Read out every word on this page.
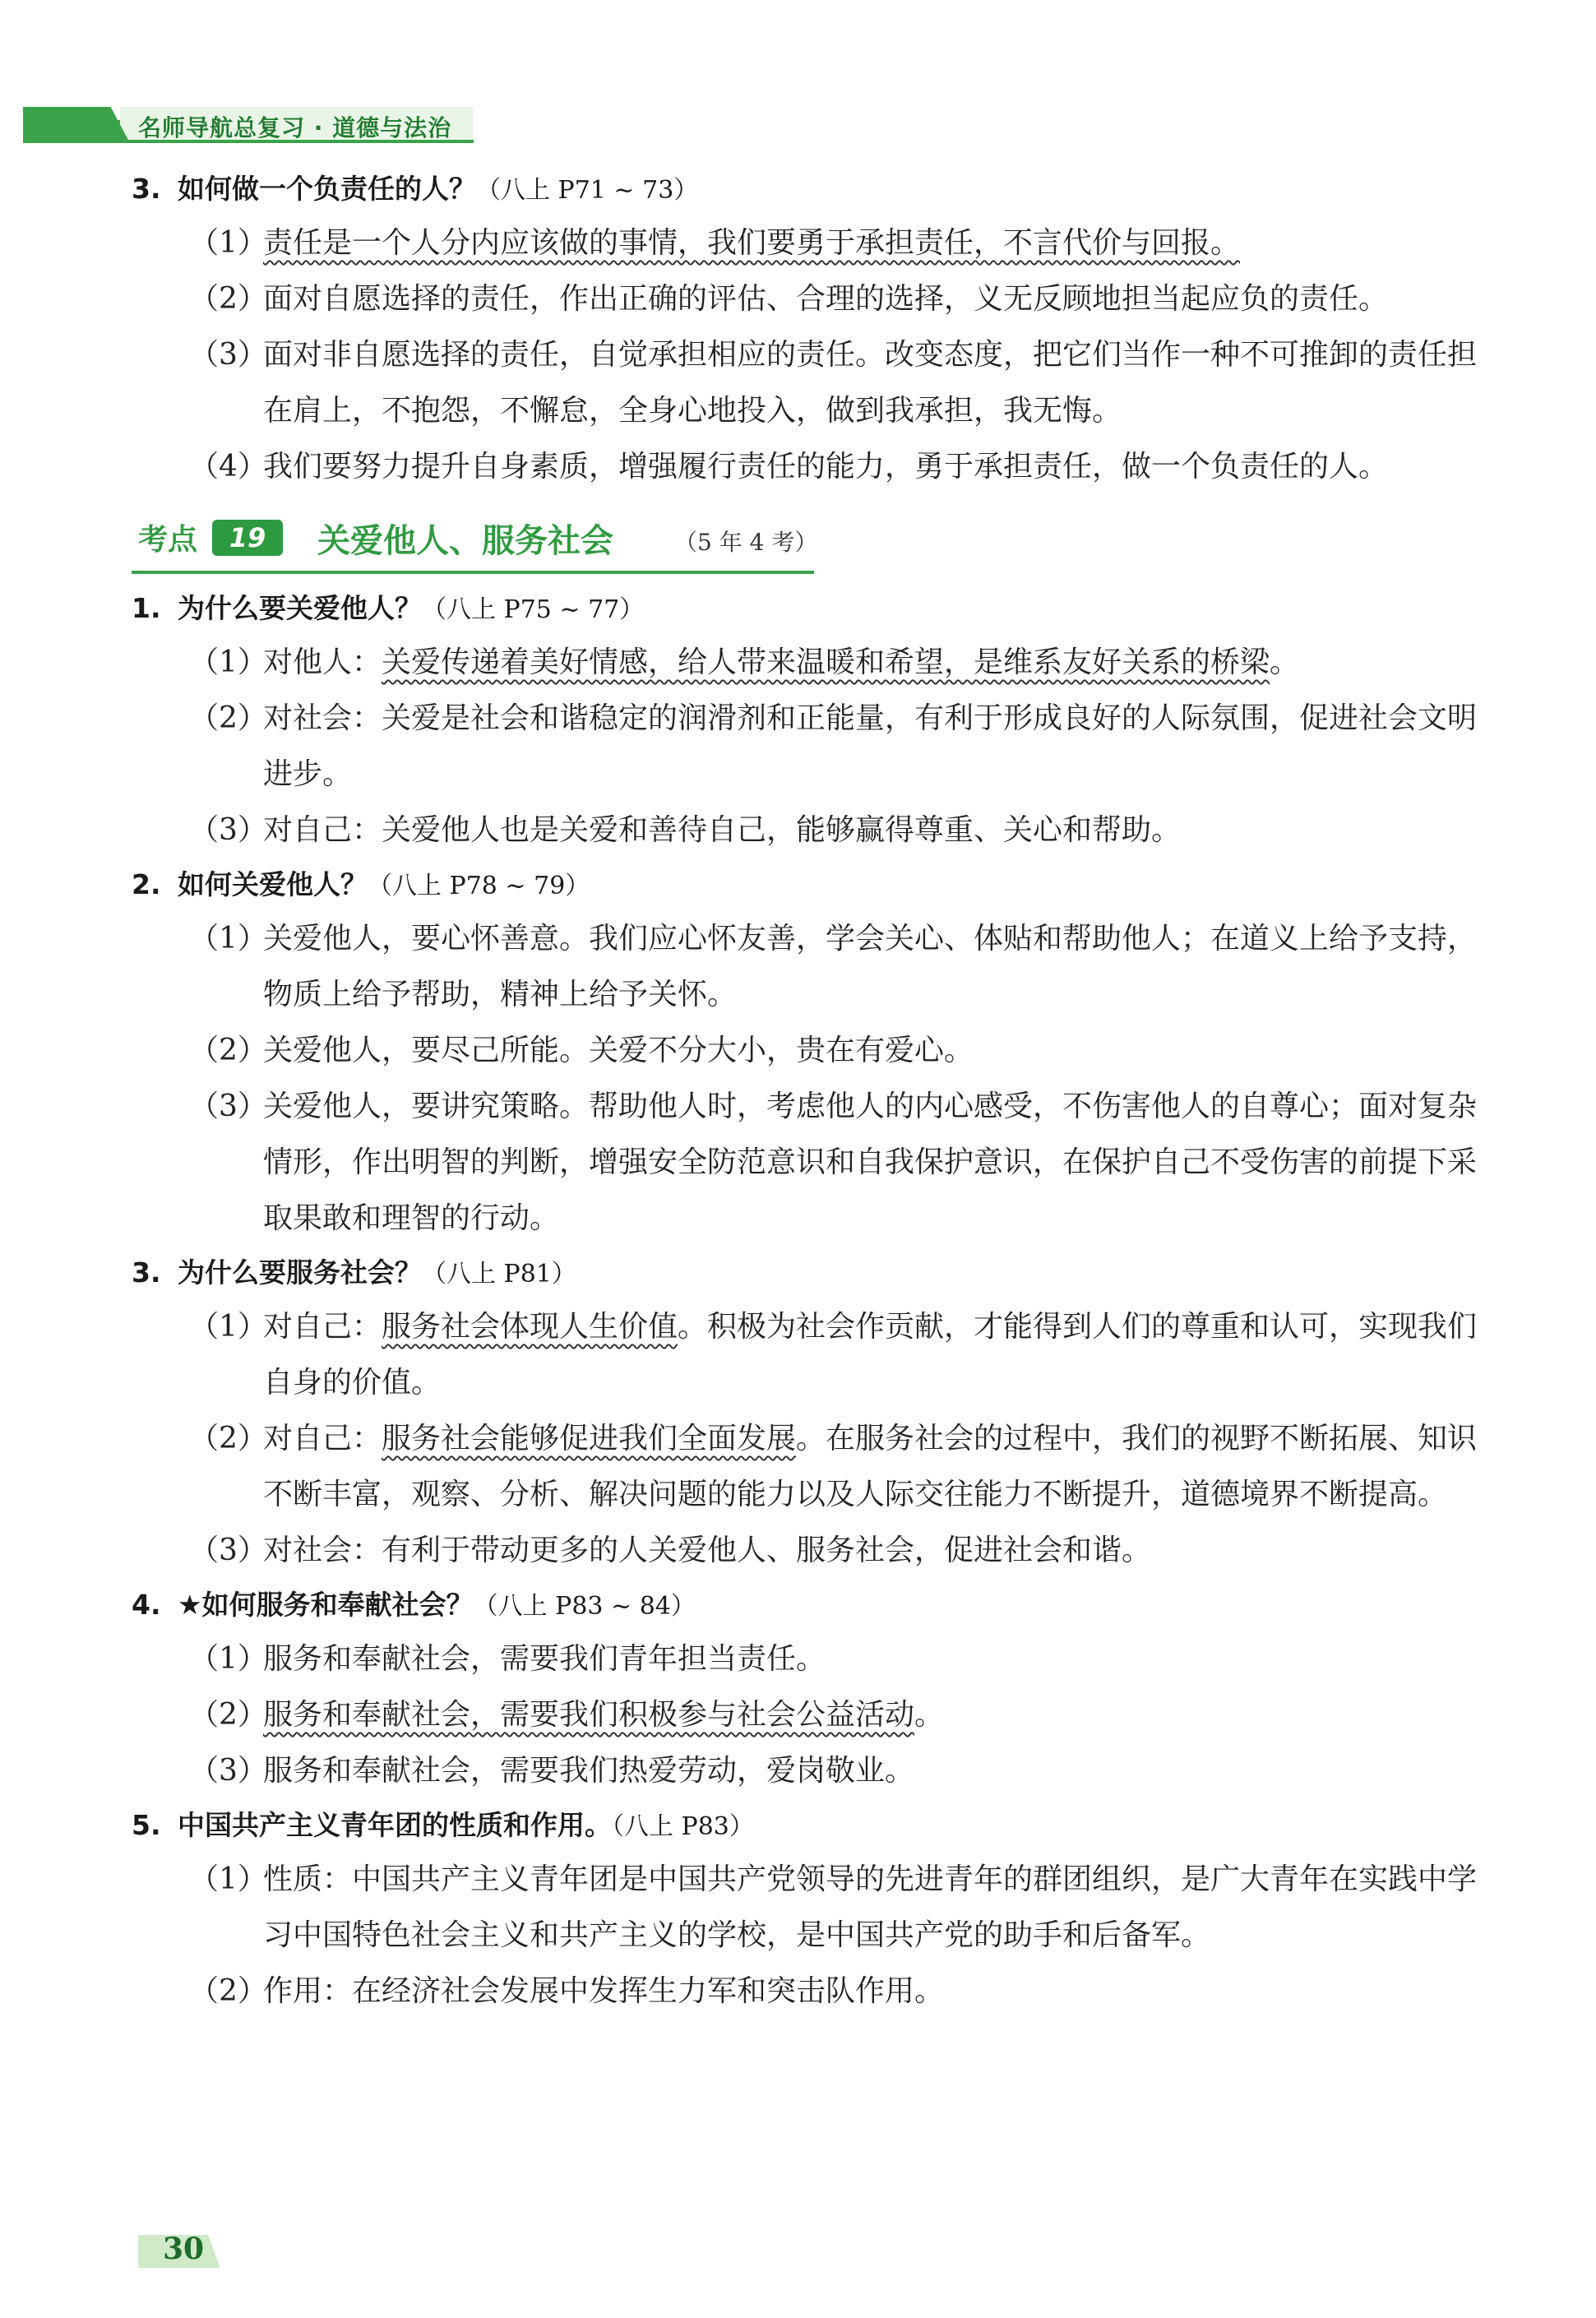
名师导航总复习 · 道德与法治
3. 如何做一个负责任的人？（八上 P71 ~ 73）

（1）
责任是一个人分内应该做的事情，我们要勇于承担责任，不言代价与回报。

（2）
面对自愿选择的责任，作出正确的评估、合理的选择，义无反顾地担当起应负的责任。

（3）
面对非自愿选择的责任，自觉承担相应的责任。改变态度，把它们当作一种不可推卸的责任担在肩上，不抱怨，不懈怠，全身心地投入，做到我承担，我无悔。

（4）
我们要努力提升自身素质，增强履行责任的能力，勇于承担责任，做一个负责任的人。

考点	19	关爱他人、服务社会	（5 年 4 考）
1. 为什么要关爱他人？（八上 P75 ~ 77）

（1）
对他人：关爱传递着美好情感，给人带来温暖和希望，是维系友好关系的桥梁。

（2）
对社会：关爱是社会和谐稳定的润滑剂和正能量，有利于形成良好的人际氛围，促进社会文明进步。

（3）
对自己：关爱他人也是关爱和善待自己，能够赢得尊重、关心和帮助。

2. 如何关爱他人？（八上 P78 ~ 79）

（1）
关爱他人，要心怀善意。我们应心怀友善，学会关心、体贴和帮助他人；在道义上给予支持，物质上给予帮助，精神上给予关怀。

（2）
关爱他人，要尽己所能。关爱不分大小，贵在有爱心。

（3）
关爱他人，要讲究策略。帮助他人时，考虑他人的内心感受，不伤害他人的自尊心；面对复杂情形，作出明智的判断，增强安全防范意识和自我保护意识，在保护自己不受伤害的前提下采取果敢和理智的行动。

3. 为什么要服务社会？（八上 P81）

（1）
对自己：服务社会体现人生价值。积极为社会作贡献，才能得到人们的尊重和认可，实现我们自身的价值。

（2）
对自己：服务社会能够促进我们全面发展。在服务社会的过程中，我们的视野不断拓展、知识不断丰富，观察、分析、解决问题的能力以及人际交往能力不断提升，道德境界不断提高。

（3）
对社会：有利于带动更多的人关爱他人、服务社会，促进社会和谐。

4. ★如何服务和奉献社会？（八上 P83 ~ 84）

（1）
服务和奉献社会，需要我们青年担当责任。

（2）
服务和奉献社会，需要我们积极参与社会公益活动。

（3）
服务和奉献社会，需要我们热爱劳动，爱岗敬业。

5. 中国共产主义青年团的性质和作用。（八上 P83）

（1）
性质：中国共产主义青年团是中国共产党领导的先进青年的群团组织，是广大青年在实践中学习中国特色社会主义和共产主义的学校，是中国共产党的助手和后备军。

（2）
作用：在经济社会发展中发挥生力军和突击队作用。

30
